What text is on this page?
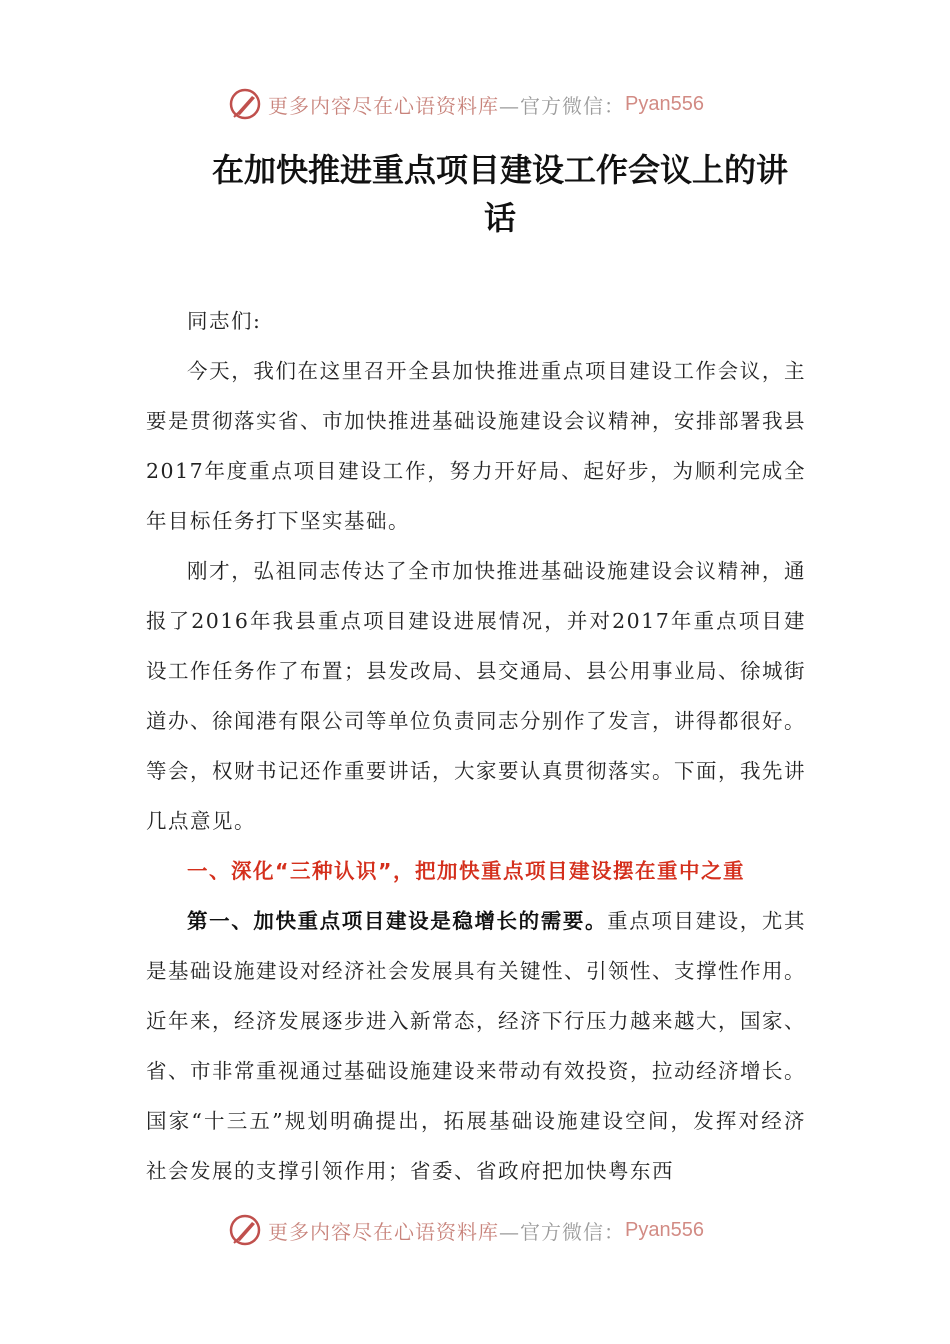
更多内容尽在心语资料库 —官方微信： Pyan556
在加快推进重点项目建设工作会议上的讲话

同志们:

今天，我们在这里召开全县加快推进重点项目建设工作会议，主要是贯彻落实省、市加快推进基础设施建设会议精神，安排部署我县2017年度重点项目建设工作，努力开好局、起好步，为顺利完成全年目标任务打下坚实基础。

刚才，弘祖同志传达了全市加快推进基础设施建设会议精神，通报了2016年我县重点项目建设进展情况，并对2017年重点项目建设工作任务作了布置；县发改局、县交通局、县公用事业局、徐城街道办、徐闻港有限公司等单位负责同志分别作了发言，讲得都很好。等会，权财书记还作重要讲话，大家要认真贯彻落实。下面，我先讲几点意见。

一、深化“三种认识”，把加快重点项目建设摆在重中之重

第一、加快重点项目建设是稳增长的需要。重点项目建设，尤其是基础设施建设对经济社会发展具有关键性、引领性、支撑性作用。近年来，经济发展逐步进入新常态，经济下行压力越来越大，国家、省、市非常重视通过基础设施建设来带动有效投资，拉动经济增长。国家“十三五”规划明确提出，拓展基础设施建设空间，发挥对经济社会发展的支撑引领作用；省委、省政府把加快粤东西

更多内容尽在心语资料库 —官方微信： Pyan556
